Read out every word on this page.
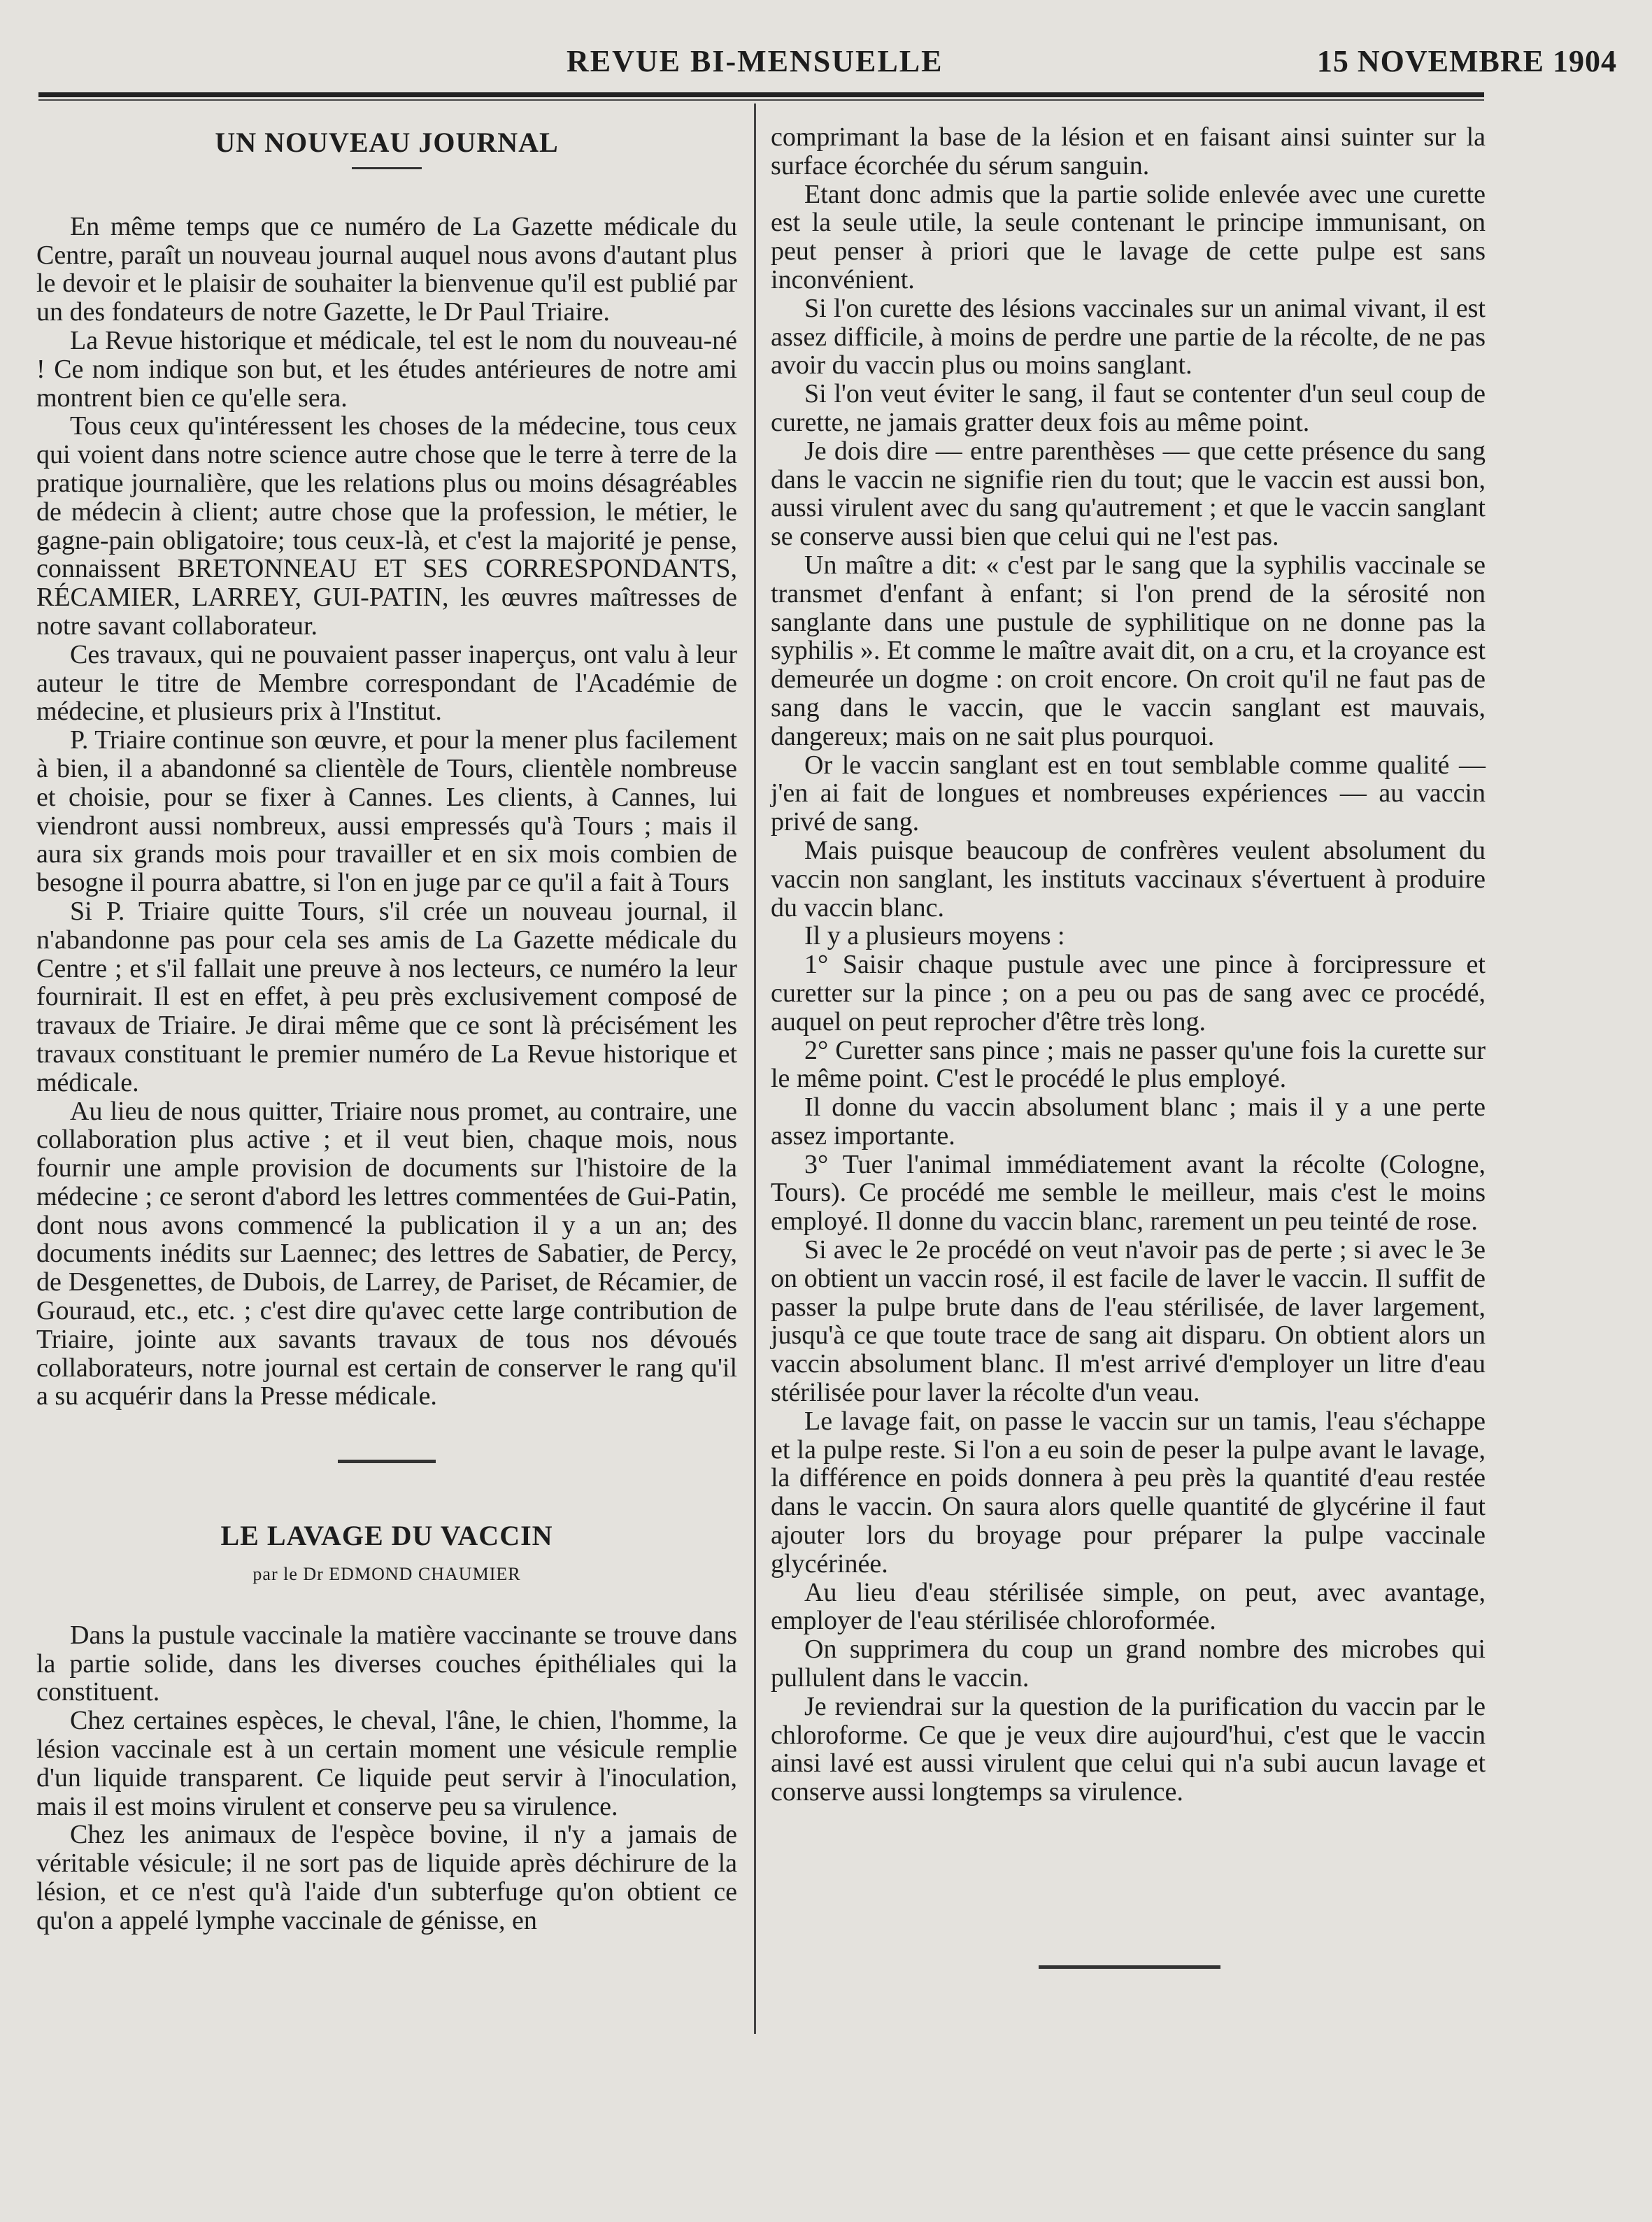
REVUE BI-MENSUELLE	15 NOVEMBRE 1904
UN NOUVEAU JOURNAL

En même temps que ce numéro de La Gazette médicale du Centre, paraît un nouveau journal auquel nous avons d'autant plus le devoir et le plaisir de souhaiter la bienvenue qu'il est publié par un des fondateurs de notre Gazette, le Dr Paul Triaire.

La Revue historique et médicale, tel est le nom du nouveau-né ! Ce nom indique son but, et les études antérieures de notre ami montrent bien ce qu'elle sera.

Tous ceux qu'intéressent les choses de la médecine, tous ceux qui voient dans notre science autre chose que le terre à terre de la pratique journalière, que les relations plus ou moins désagréables de médecin à client; autre chose que la profession, le métier, le gagne-pain obligatoire; tous ceux-là, et c'est la majorité je pense, connaissent BRETONNEAU ET SES CORRESPONDANTS, RÉCAMIER, LARREY, GUI-PATIN, les œuvres maîtresses de notre savant collaborateur.

Ces travaux, qui ne pouvaient passer inaperçus, ont valu à leur auteur le titre de Membre correspondant de l'Académie de médecine, et plusieurs prix à l'Institut.

P. Triaire continue son œuvre, et pour la mener plus facilement à bien, il a abandonné sa clientèle de Tours, clientèle nombreuse et choisie, pour se fixer à Cannes. Les clients, à Cannes, lui viendront aussi nombreux, aussi empressés qu'à Tours ; mais il aura six grands mois pour travailler et en six mois combien de besogne il pourra abattre, si l'on en juge par ce qu'il a fait à Tours

Si P. Triaire quitte Tours, s'il crée un nouveau journal, il n'abandonne pas pour cela ses amis de La Gazette médicale du Centre ; et s'il fallait une preuve à nos lecteurs, ce numéro la leur fournirait. Il est en effet, à peu près exclusivement composé de travaux de Triaire. Je dirai même que ce sont là précisément les travaux constituant le premier numéro de La Revue historique et médicale.

Au lieu de nous quitter, Triaire nous promet, au contraire, une collaboration plus active ; et il veut bien, chaque mois, nous fournir une ample provision de documents sur l'histoire de la médecine ; ce seront d'abord les lettres commentées de Gui-Patin, dont nous avons commencé la publication il y a un an; des documents inédits sur Laennec; des lettres de Sabatier, de Percy, de Desgenettes, de Dubois, de Larrey, de Pariset, de Récamier, de Gouraud, etc., etc. ; c'est dire qu'avec cette large contribution de Triaire, jointe aux savants travaux de tous nos dévoués collaborateurs, notre journal est certain de conserver le rang qu'il a su acquérir dans la Presse médicale.

LE LAVAGE DU VACCIN
par le Dr EDMOND CHAUMIER

Dans la pustule vaccinale la matière vaccinante se trouve dans la partie solide, dans les diverses couches épithéliales qui la constituent.

Chez certaines espèces, le cheval, l'âne, le chien, l'homme, la lésion vaccinale est à un certain moment une vésicule remplie d'un liquide transparent. Ce liquide peut servir à l'inoculation, mais il est moins virulent et conserve peu sa virulence.

Chez les animaux de l'espèce bovine, il n'y a jamais de véritable vésicule; il ne sort pas de liquide après déchirure de la lésion, et ce n'est qu'à l'aide d'un subterfuge qu'on obtient ce qu'on a appelé lymphe vaccinale de génisse, en

comprimant la base de la lésion et en faisant ainsi suinter sur la surface écorchée du sérum sanguin.

Etant donc admis que la partie solide enlevée avec une curette est la seule utile, la seule contenant le principe immunisant, on peut penser à priori que le lavage de cette pulpe est sans inconvénient.

Si l'on curette des lésions vaccinales sur un animal vivant, il est assez difficile, à moins de perdre une partie de la récolte, de ne pas avoir du vaccin plus ou moins sanglant.

Si l'on veut éviter le sang, il faut se contenter d'un seul coup de curette, ne jamais gratter deux fois au même point.

Je dois dire — entre parenthèses — que cette présence du sang dans le vaccin ne signifie rien du tout; que le vaccin est aussi bon, aussi virulent avec du sang qu'autrement ; et que le vaccin sanglant se conserve aussi bien que celui qui ne l'est pas.

Un maître a dit: « c'est par le sang que la syphilis vaccinale se transmet d'enfant à enfant; si l'on prend de la sérosité non sanglante dans une pustule de syphilitique on ne donne pas la syphilis ». Et comme le maître avait dit, on a cru, et la croyance est demeurée un dogme : on croit encore. On croit qu'il ne faut pas de sang dans le vaccin, que le vaccin sanglant est mauvais, dangereux; mais on ne sait plus pourquoi.

Or le vaccin sanglant est en tout semblable comme qualité — j'en ai fait de longues et nombreuses expériences — au vaccin privé de sang.

Mais puisque beaucoup de confrères veulent absolument du vaccin non sanglant, les instituts vaccinaux s'évertuent à produire du vaccin blanc.

Il y a plusieurs moyens :

1° Saisir chaque pustule avec une pince à forcipressure et curetter sur la pince ; on a peu ou pas de sang avec ce procédé, auquel on peut reprocher d'être très long.

2° Curetter sans pince ; mais ne passer qu'une fois la curette sur le même point. C'est le procédé le plus employé.

Il donne du vaccin absolument blanc ; mais il y a une perte assez importante.

3° Tuer l'animal immédiatement avant la récolte (Cologne, Tours). Ce procédé me semble le meilleur, mais c'est le moins employé. Il donne du vaccin blanc, rarement un peu teinté de rose.

Si avec le 2e procédé on veut n'avoir pas de perte ; si avec le 3e on obtient un vaccin rosé, il est facile de laver le vaccin. Il suffit de passer la pulpe brute dans de l'eau stérilisée, de laver largement, jusqu'à ce que toute trace de sang ait disparu. On obtient alors un vaccin absolument blanc. Il m'est arrivé d'employer un litre d'eau stérilisée pour laver la récolte d'un veau.

Le lavage fait, on passe le vaccin sur un tamis, l'eau s'échappe et la pulpe reste. Si l'on a eu soin de peser la pulpe avant le lavage, la différence en poids donnera à peu près la quantité d'eau restée dans le vaccin. On saura alors quelle quantité de glycérine il faut ajouter lors du broyage pour préparer la pulpe vaccinale glycérinée.

Au lieu d'eau stérilisée simple, on peut, avec avantage, employer de l'eau stérilisée chloroformée.

On supprimera du coup un grand nombre des microbes qui pullulent dans le vaccin.

Je reviendrai sur la question de la purification du vaccin par le chloroforme. Ce que je veux dire aujourd'hui, c'est que le vaccin ainsi lavé est aussi virulent que celui qui n'a subi aucun lavage et conserve aussi longtemps sa virulence.
